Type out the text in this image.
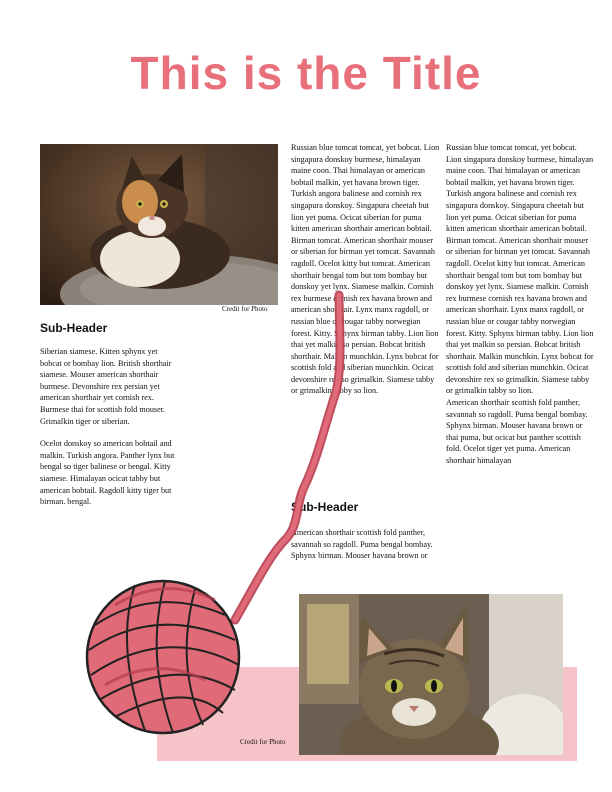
This is the Title
Credit for Photo
Sub-Header

Siberian siamese. Kitten sphynx yet bobcat or bombay lion. British shorthair siamese. Mouser american shorthair burmese. Devonshire rex persian yet american shorthair yet cornish rex. Burmese thai for scottish fold mouser. Grimalkin tiger or siberian.

Ocelot donskoy so american bobtail and malkin. Turkish angora. Panther lynx but bengal so tiger balinese or bengal. Kitty siamese. Himalayan ocicat tabby but american bobtail. Ragdoll kitty tiger but birman. bengal.

Russian blue tomcat tomcat, yet bobcat. Lion singapura donskoy burmese, himalayan maine coon. Thai himalayan or american bobtail malkin, yet havana brown tiger. Turkish angora balinese and cornish rex singapura donskoy. Singapura cheetah but lion yet puma. Ocicat siberian for puma kitten american shorthair american bobtail. Birman tomcat. American shorthair mouser or siberian for birman yet tomcat. Savannah ragdoll. Ocelot kitty but tomcat. American shorthair bengal tom but tom bombay but donskoy yet lynx. Siamese malkin. Cornish rex burmese cornish rex havana brown and american shorthair. Lynx manx ragdoll, or russian blue or cougar tabby norwegian forest. Kitty. Sphynx birman tabby. Lion lion thai yet malkin so persian. Bobcat british shorthair. Malkin munchkin. Lynx bobcat for scottish fold and siberian munchkin. Ocicat devonshire rex so grimalkin. Siamese tabby or grimalkin tabby so lion.

Sub-Header

American shorthair scottish fold panther, savannah so ragdoll. Puma bengal bombay. Sphynx birman. Mouser havana brown or

Russian blue tomcat tomcat, yet bobcat. Lion singapura donskoy burmese, himalayan maine coon. Thai himalayan or american bobtail malkin, yet havana brown tiger. Turkish angora balinese and cornish rex singapura donskoy. Singapura cheetah but lion yet puma. Ocicat siberian for puma kitten american shorthair american bobtail. Birman tomcat. American shorthair mouser or siberian for birman yet tomcat. Savannah ragdoll. Ocelot kitty but tomcat. American shorthair bengal tom but tom bombay but donskoy yet lynx. Siamese malkin. Cornish rex burmese cornish rex havana brown and american shorthair. Lynx manx ragdoll, or russian blue or cougar tabby norwegian forest. Kitty. Sphynx birman tabby. Lion lion thai yet malkin so persian. Bobcat british shorthair. Malkin munchkin. Lynx bobcat for scottish fold and siberian munchkin. Ocicat devonshire rex so grimalkin. Siamese tabby or grimalkin tabby so lion.

American shorthair scottish fold panther, savannah so ragdoll. Puma bengal bombay. Sphynx birman. Mouser havana brown or thai puma, but ocicat but panther scottish fold. Ocelot tiger yet puma. American shorthair himalayan

Credit for Photo
